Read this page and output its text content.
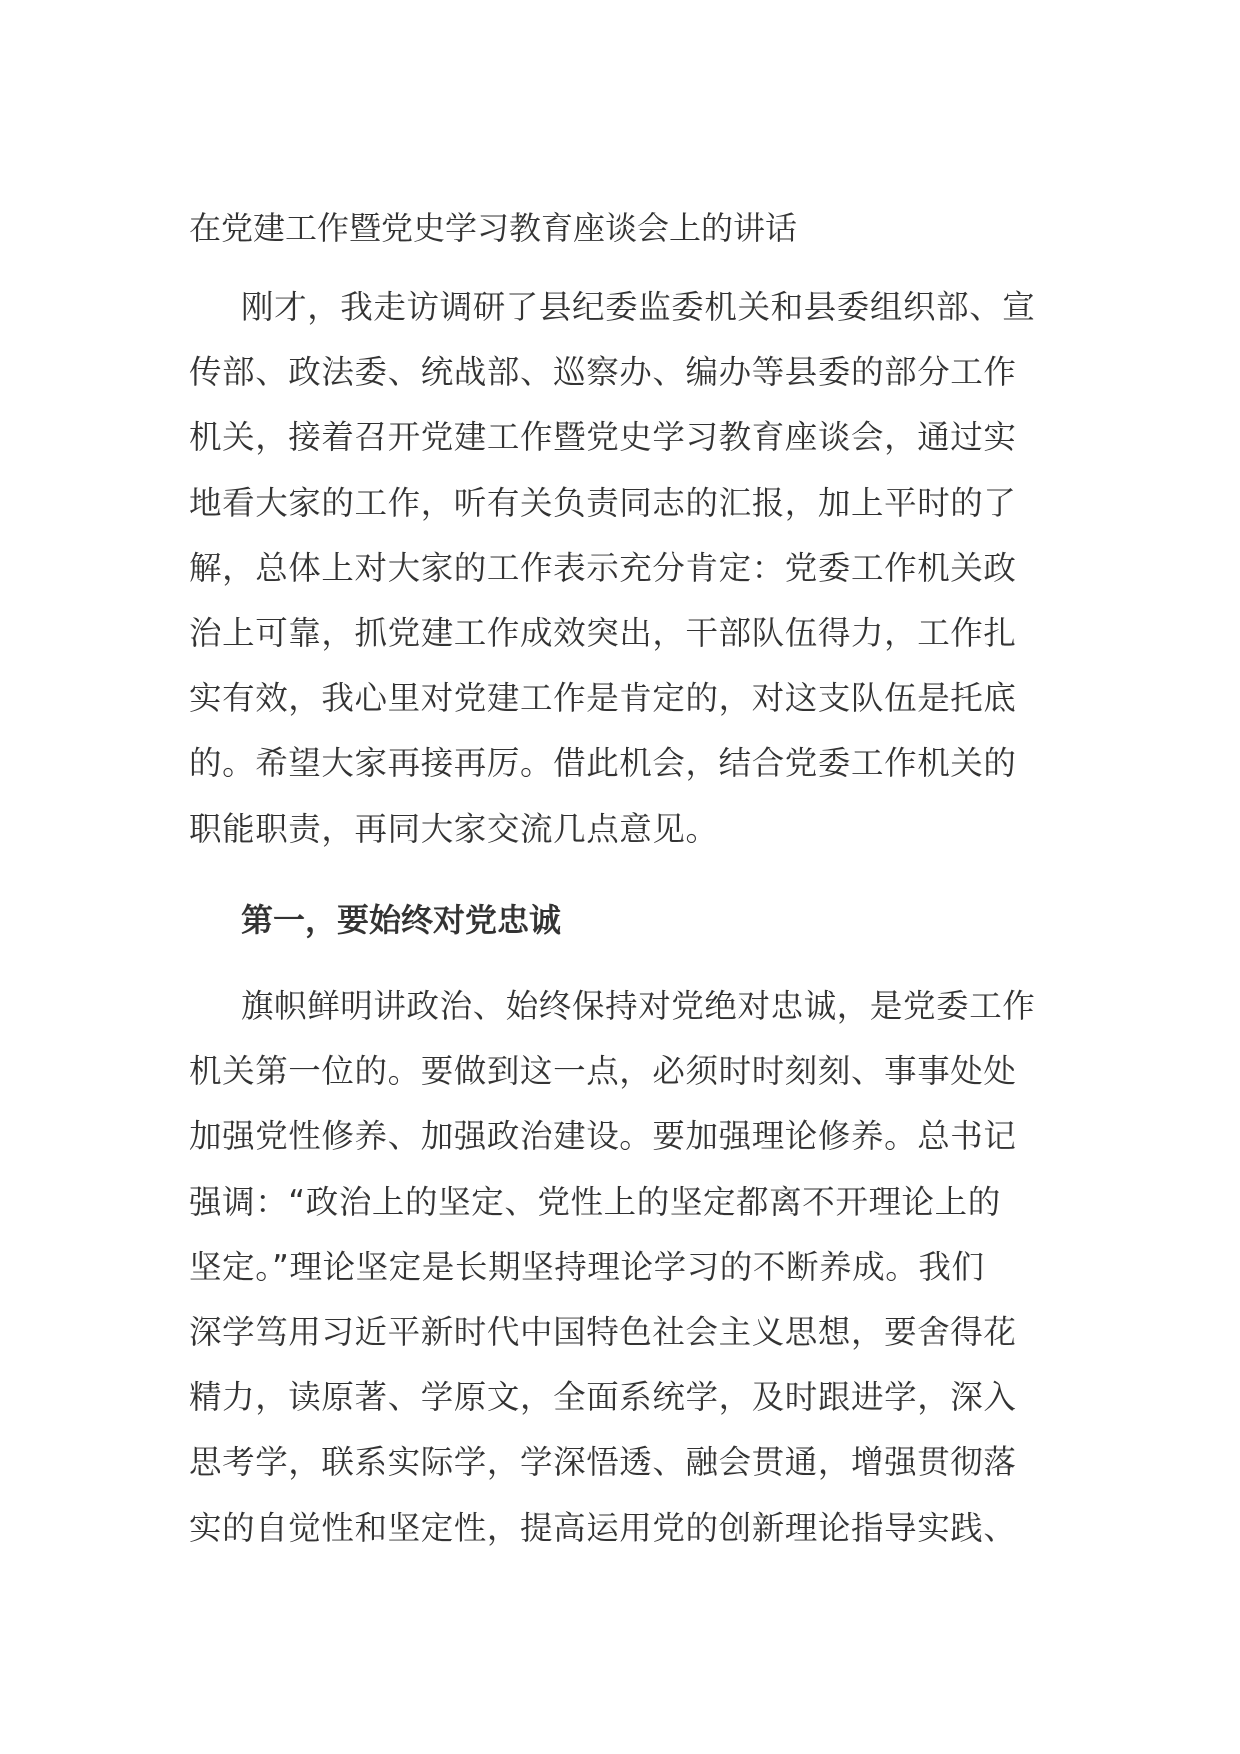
在党建工作暨党史学习教育座谈会上的讲话
刚才，我走访调研了县纪委监委机关和县委组织部、宣
传部、政法委、统战部、巡察办、编办等县委的部分工作
机关，接着召开党建工作暨党史学习教育座谈会，通过实
地看大家的工作，听有关负责同志的汇报，加上平时的了
解，总体上对大家的工作表示充分肯定：党委工作机关政
治上可靠，抓党建工作成效突出，干部队伍得力，工作扎
实有效，我心里对党建工作是肯定的，对这支队伍是托底
的。希望大家再接再厉。借此机会，结合党委工作机关的
职能职责，再同大家交流几点意见。
第一，要始终对党忠诚
旗帜鲜明讲政治、始终保持对党绝对忠诚，是党委工作
机关第一位的。要做到这一点，必须时时刻刻、事事处处
加强党性修养、加强政治建设。要加强理论修养。总书记
强调：“政治上的坚定、党性上的坚定都离不开理论上的
坚定。”理论坚定是长期坚持理论学习的不断养成。我们
深学笃用习近平新时代中国特色社会主义思想，要舍得花
精力，读原著、学原文，全面系统学，及时跟进学，深入
思考学，联系实际学，学深悟透、融会贯通，增强贯彻落
实的自觉性和坚定性，提高运用党的创新理论指导实践、
